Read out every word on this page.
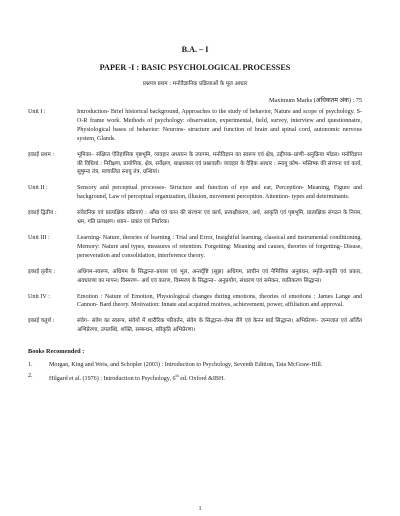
B.A. – I
PAPER -I : BASIC PSYCHOLOGICAL PROCESSES
प्रश्नपत्र प्रथम : मनोवैज्ञानिक प्रक्रियाओं के मूल आधार
Maximum Marks (अधिकतम अंक) : 75
Unit I :	Introduction- Brief historical background, Approaches to the study of behavior, Nature and scope of psychology. S-O-R frame work. Methods of psychology: observation, experimental, field, survey, interview and questionnaire, Physiological bases of behavior: Neurons- structure and function of brain and spinal cord, autonomic nervous system, Glands.
इकाई प्रथम :	भूमिका– संक्षिप्त ऐतिहासिक पृष्ठभूमि, व्यवहार अध्ययन के उपागम, मनोविज्ञान का स्वरूप एवं क्षेत्र, उद्दीपक–प्राणी–अनुक्रिया मॉडल। मनोविज्ञान की विधियां : निरीक्षण, प्रायोगिक, क्षेत्र, सर्वेक्षण, साक्षात्कार एवं प्रश्नावली। व्यवहार के दैहिक आधार : स्नायु कोष– मस्तिष्क की संरचना एवं कार्य, सुषुम्ना तंत्र, स्वचालित स्नायु तंत्र, ग्रन्थियां।
Unit II :	Sensory and perceptual processes- Structure and function of eye and ear, Perception- Meaning, Figure and background, Law of perceptual organization, illusion, movement perception. Attention- types and determinants.
इकाई द्वितीय :	संवेदनिक एवं प्रात्यक्षिक प्रक्रियाएं : आँख एवं कान की संरचना एवं कार्य, प्रत्यक्षीकरण, अर्थ, आकृति एवं पृष्ठभूमि, प्रात्यक्षिक संगठन के नियम, भ्रम, गति प्रत्यक्षण। ध्यान– प्रकार एवं निर्धारक।
Unit III :	Learning- Nature, theories of learning : Trial and Error, Insightful learning, classical and instrumental conditioning. Memory: Nature and types, measures of retention. Forgetting: Meaning and causes, theories of forgetting- Disuse, perseveration and consolidation, interference theory.
इकाई तृतीय :	अधिगम–स्वरूप, अधिगम के सिद्धान्त–प्रयास एवं भूल, अन्तर्दृष्टि (सूझ) अधिगम, प्राचीन एवं नैमित्तिक अनुबंधन, स्मृति–प्रकृति एवं प्रकार, अवधारणा का मापन। विस्मरण– अर्थ एवं कारण, विस्मरण के सिद्धान्त– अनुप्रयोग, संधारण एवं समेकन, व्यतिकरण सिद्धान्त।
Unit IV :	Emotion : Nature of Emotion, Physiological changes during emotions, theories of emotions : James Lange and Cannon- Bard theory. Motivation: Innate and acquired motives, achievement, power, affiliation and approval.
इकाई चतुर्थ :	संवेग– संवेग का स्वरूप, संवेगों में शारीरिक परिवर्तन, संवेग के सिद्धान्त–जेम्स लैंगे एवं केनन बार्ड सिद्धान्त। अभिप्रेरणा– जन्मजात एवं अर्जित अभिप्रेरणा, उपलब्धि, शक्ति, सम्बन्धन, स्वीकृति अभिप्रेरणा।
Books Recomended :
1.	Morgan, King and Weis, and Schopler (2003) : Introduction to Psychology, Seventh Edition, Tata McGraw-Hill.
2.
Hilgard et al. (1976) : Introduction to Psychology, 6th ed. Oxford &IBH.
1
